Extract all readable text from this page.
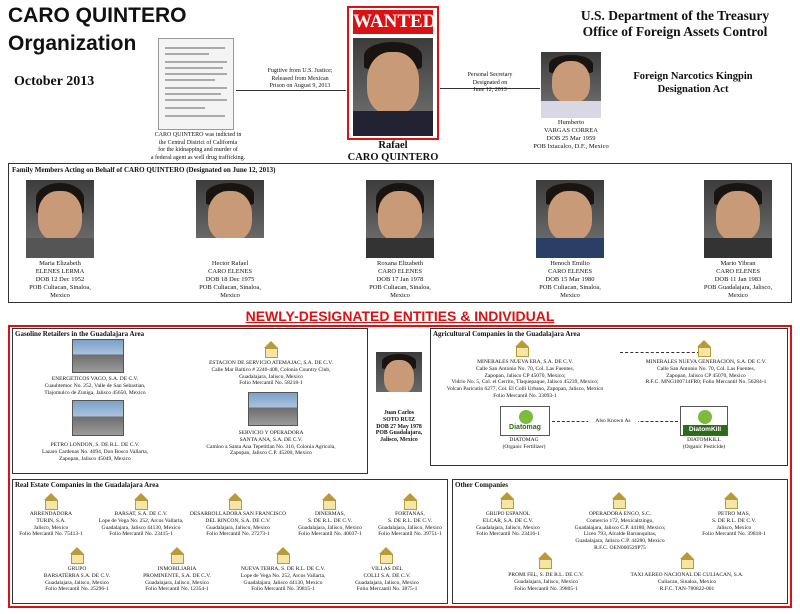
CARO QUINTERO
Organization
October 2013
U.S. Department of the Treasury
Office of Foreign Assets Control
Foreign Narcotics Kingpin
Designation Act
CARO QUINTERO was indicted in
the Central District of California
for the kidnapping and murder of
a federal agent as well drug trafficking.
Fugitive from U.S. Justice;
Released from Mexican
Prison on August 9, 2013
WANTED
Rafael
CARO QUINTERO
Personal Secretary
Designated on
June 12, 2013
Humberto
VARGAS CORREA
DOB 25 Mar 1959
POB Ixtacalco, D.F., Mexico
Family Members Acting on Behalf of CARO QUINTERO (Designated on June 12, 2013)
Maria Elizabeth
ELENES LERMA
DOB 12 Dec 1952
POB Culiacan, Sinaloa,
Mexico
Hector Rafael
CARO ELENES
DOB 18 Dec 1975
POB Culiacan, Sinaloa,
Mexico
Roxana Elizabeth
CARO ELENES
DOB 17 Jan 1978
POB Culiacan, Sinaloa,
Mexico
Henoch Emilio
CARO ELENES
DOB 15 Mar 1980
POB Culiacan, Sinaloa,
Mexico
Mario Yibran
CARO ELENES
DOB 11 Jan 1983
POB Guadalajara, Jalisco,
Mexico
NEWLY-DESIGNATED ENTITIES & INDIVIDUAL
Gasoline Retailers in the Guadalajara Area
ENERGETICOS VAGO, S.A. DE C.V.
Cuauhtemoc No. 252, Valle de San Sebastian,
Tlajomulco de Zuniga, Jalisco 45650, Mexico
PETRO LONDON, S. DE R.L. DE C.V.
Lazaro Cardenas No. 4094, Don Bosco Vallarta,
Zapopan, Jalisco 45049, Mexico
ESTACION DE SERVICIO ATEMAJAC, S.A. DE C.V.
Calle Mar Baltico # 2240-408, Colonia Country Club,
Guadalajara, Jalisco, Mexico
Folio Mercantil No. 58218-1
SERVICIO Y OPERADORA
SANTA ANA, S.A. DE C.V.
Camino a Santa Ana Tepetitlan No. 316, Colonia Agricola,
Zapopan, Jalisco C.P. 45200, Mexico
Juan Carlos
SOTO RUIZ
DOB 27 May 1978
POB Guadalajara,
Jalisco, Mexico
Agricultural Companies in the Guadalajara Area
MINERALES NUEVA ERA, S.A. DE C.V.
Calle San Antonio No. 70, Col. Las Fuentes,
Zapopan, Jalisco CP 45070, Mexico;
Vidrio No. 5, Col. el Cerrito, Tlaquepaque, Jalisco 45239, Mexico;
Volcan Paricutin 6277, Col. El Colli Urbano, Zapopan, Jalisco, Mexico
Folio Mercantil No. 33093-1
MINERALES NUEVA GENERACION, S.A. DE C.V.
Calle San Antonio No. 70, Col. Las Fuentes,
Zapopan, Jalisco CP 45070, Mexico
R.F.C. MNG100714FR0; Folio Mercantil No. 56284-1
Diatomag
DIATOMAG
(Organic Fertilizer)
Also Known As
DiatomKill
DIATOMKILL
(Organic Pesticide)
Real Estate Companies in the Guadalajara Area
ARRENDADORA
TURIN, S.A.
Jalisco, Mexico
Folio Mercantil No. 75413-1
BARSAT, S.A. DE C.V.
Lope de Vega No. 252, Arcos Vallarta,
Guadalajara, Jalisco 44130, Mexico
Folio Mercantil No. 23415-1
DESARROLLADORA SAN FRANCISCO
DEL RINCON, S.A. DE C.V.
Guadalajara, Jalisco, Mexico
Folio Mercantil No. 27273-1
DINERMAS,
S. DE R.L. DE C.V.
Guadalajara, Jalisco, Mexico
Folio Mercantil No. 40037-1
FORTANAS,
S. DE R.L. DE C.V.
Guadalajara, Jalisco, Mexico
Folio Mercantil No. 39751-1
GRUPO
BARSATERRA S.A. DE C.V.
Guadalajara, Jalisco, Mexico
Folio Mercantil No. 25296-1
INMOBILIARIA
PROMINENTE, S.A. DE C.V.
Guadalajara, Jalisco, Mexico
Folio Mercantil No. 12354-1
NUEVA TERRA, S. DE R.L. DE C.V.
Lope de Vega No. 252, Arcos Vallarta,
Guadalajara, Jalisco 44130, Mexico
Folio Mercantil No. 39815-1
VILLAS DEL
COLLI S.A. DE C.V.
Guadalajara, Jalisco, Mexico
Folio Mercantil No. 3875-1
Other Companies
GRUPO ESPANOL
ELCAR, S.A. DE C.V.
Guadalajara, Jalisco, Mexico
Folio Mercantil No. 23416-1
OPERADORA ENGO, S.C.
Comercio 172, Mexicaltzingo,
Guadalajara, Jalisco C.P. 44180, Mexico;
Liceo 793, Alcalde Barranquitas,
Guadalajara, Jalisco C.P. 44280, Mexico
R.F.C. OEN060529P75
PETRO MAS,
S. DE R.L. DE C.V.
Jalisco, Mexico
Folio Mercantil No. 39818-1
PROMI FEL, S. DE R.L. DE C.V.
Guadalajara, Jalisco, Mexico
Folio Mercantil No. 39805-1
TAXI AEREO NACIONAL DE CULIACAN, S.A.
Culiacan, Sinaloa, Mexico
R.F.C. TAN-780822-001
